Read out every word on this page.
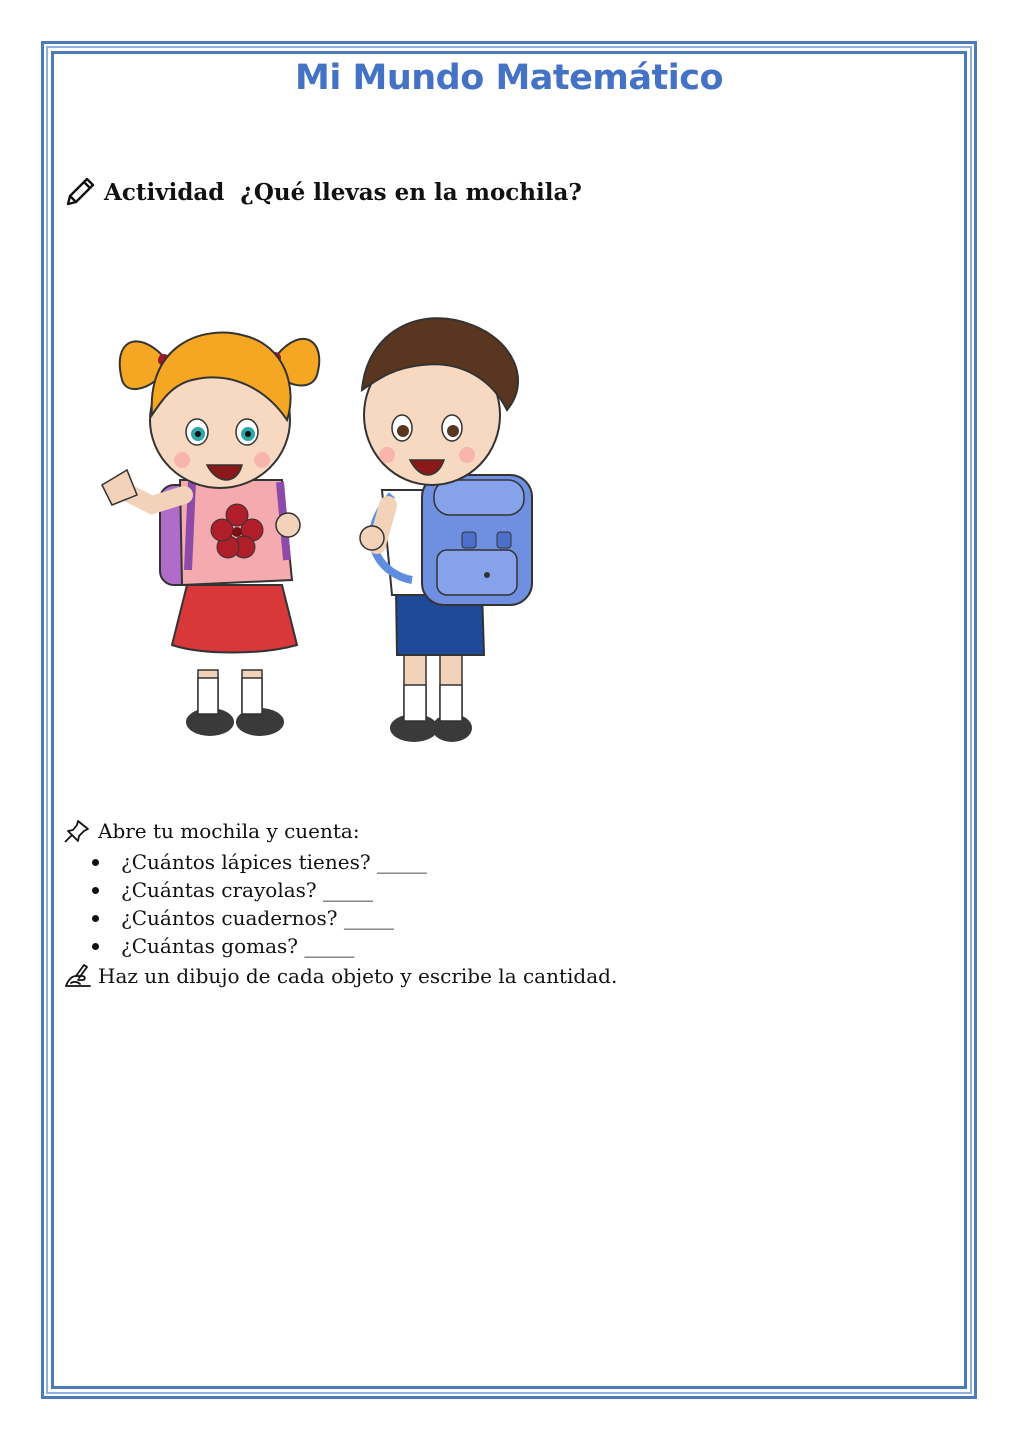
Mi Mundo Matemático
Actividad  ¿Qué llevas en la mochila?
Abre tu mochila y cuenta:
¿Cuántos lápices tienes? _____
¿Cuántas crayolas? _____
¿Cuántos cuadernos? _____
¿Cuántas gomas? _____
Haz un dibujo de cada objeto y escribe la cantidad.
